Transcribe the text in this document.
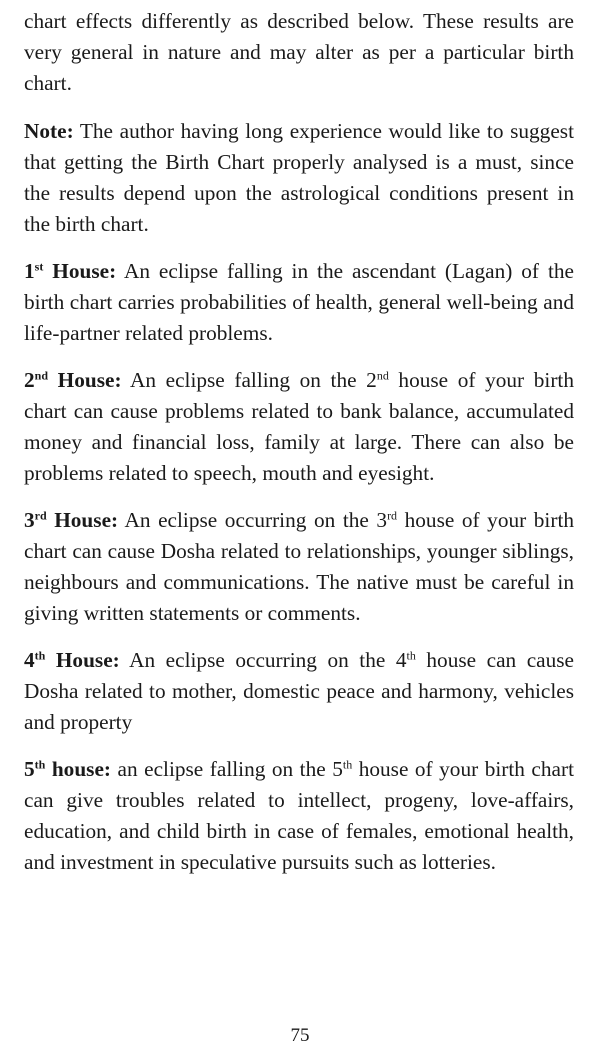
chart effects differently as described below. These results are very general in nature and may alter as per a particular birth chart.

Note: The author having long experience would like to suggest that getting the Birth Chart properly analysed is a must, since the results depend upon the astrological conditions present in the birth chart.

1st House: An eclipse falling in the ascendant (Lagan) of the birth chart carries probabilities of health, general well-being and life-partner related problems.

2nd House: An eclipse falling on the 2nd house of your birth chart can cause problems related to bank balance, accumulated money and financial loss, family at large. There can also be problems related to speech, mouth and eyesight.

3rd House: An eclipse occurring on the 3rd house of your birth chart can cause Dosha related to relationships, younger siblings, neighbours and communications. The native must be careful in giving written statements or comments.

4th House: An eclipse occurring on the 4th house can cause Dosha related to mother, domestic peace and harmony, vehicles and property

5th house: an eclipse falling on the 5th house of your birth chart can give troubles related to intellect, progeny, love-affairs, education, and child birth in case of females, emotional health, and investment in speculative pursuits such as lotteries.

75
